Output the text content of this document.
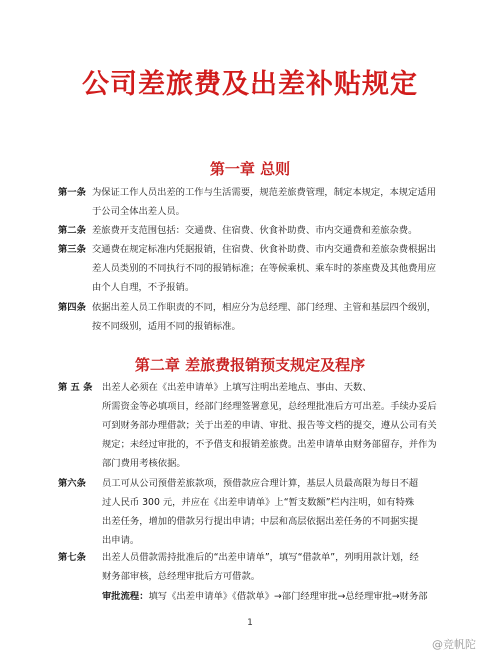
公司差旅费及出差补贴规定
第一章 总则
第一条 为保证工作人员出差的工作与生活需要，规范差旅费管理，制定本规定，本规定适用
于公司全体出差人员。
第二条 差旅费开支范围包括：交通费、住宿费、伙食补助费、市内交通费和差旅杂费。
第三条 交通费在规定标准内凭据报销，住宿费、伙食补助费、市内交通费和差旅杂费根据出
差人员类别的不同执行不同的报销标准；在等候乘机、乘车时的茶座费及其他费用应
由个人自理，不予报销。
第四条 依据出差人员工作职责的不同，相应分为总经理、部门经理、主管和基层四个级别，
按不同级别，适用不同的报销标准。
第二章 差旅费报销预支规定及程序
第 五 条 出差人必须在《出差申请单》上填写注明出差地点、事由、天数、
所需资金等必填项目，经部门经理签署意见，总经理批准后方可出差。手续办妥后
可到财务部办理借款；关于出差的申请、审批、报告等文档的提交，遵从公司有关
规定；未经过审批的，不予借支和报销差旅费。出差申请单由财务部留存，并作为
部门费用考核依据。
第六条 员工可从公司预借差旅款项，预借款应合理计算，基层人员最高限为每日不超
过人民币 300 元，并应在《出差申请单》上“暂支数额”栏内注明，如有特殊
出差任务，增加的借款另行提出申请；中层和高层依据出差任务的不同据实提
出申请。
第七条 出差人员借款需持批准后的“出差申请单”，填写“借款单”，列明用款计划，经
财务部审核，总经理审批后方可借款。
审批流程：填写《出差申请单》《借款单》→部门经理审批→总经理审批→财务部
1
@竞帆陀
